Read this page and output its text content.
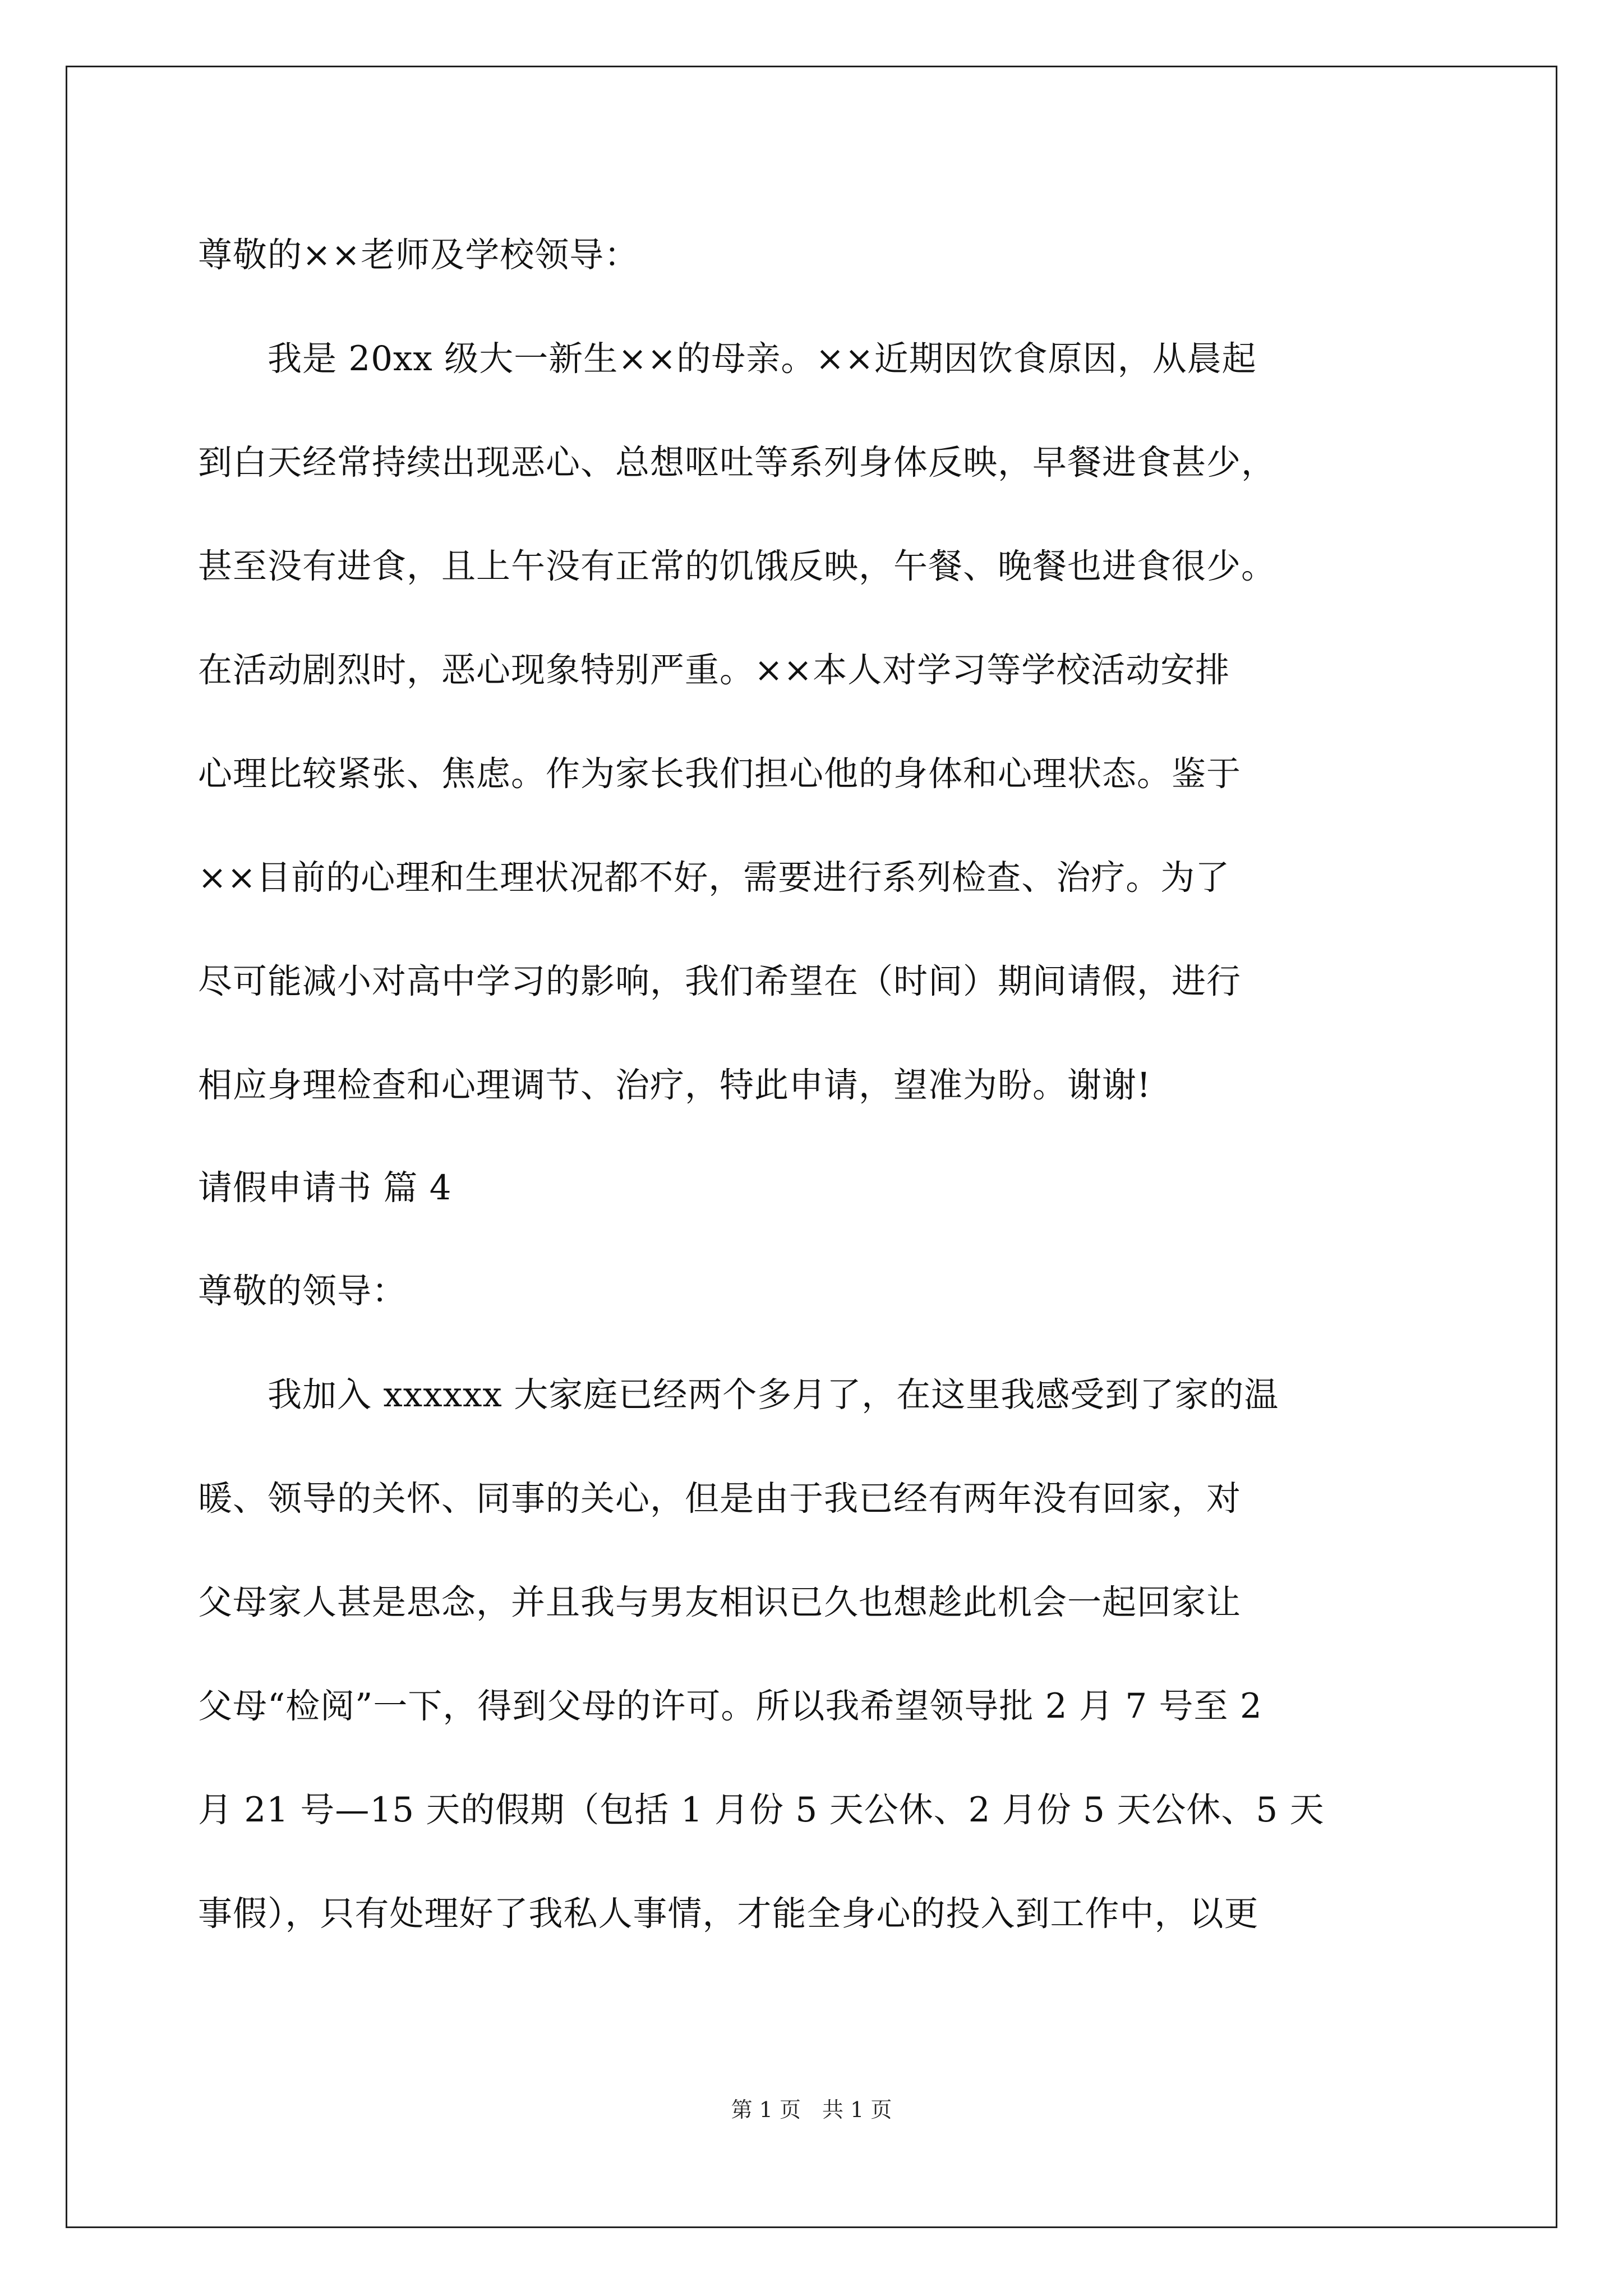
尊敬的××老师及学校领导：
　　我是 20xx 级大一新生××的母亲。××近期因饮食原因，从晨起
到白天经常持续出现恶心、总想呕吐等系列身体反映，早餐进食甚少，
甚至没有进食，且上午没有正常的饥饿反映，午餐、晚餐也进食很少。
在活动剧烈时，恶心现象特别严重。××本人对学习等学校活动安排
心理比较紧张、焦虑。作为家长我们担心他的身体和心理状态。鉴于
××目前的心理和生理状况都不好，需要进行系列检查、治疗。为了
尽可能减小对高中学习的影响，我们希望在（时间）期间请假，进行
相应身理检查和心理调节、治疗，特此申请，望准为盼。谢谢!
请假申请书 篇 4
尊敬的领导：
　　我加入 xxxxxx 大家庭已经两个多月了，在这里我感受到了家的温
暖、领导的关怀、同事的关心，但是由于我已经有两年没有回家，对
父母家人甚是思念，并且我与男友相识已久也想趁此机会一起回家让
父母“检阅”一下，得到父母的许可。所以我希望领导批 2 月 7 号至 2
月 21 号—15 天的假期（包括 1 月份 5 天公休、2 月份 5 天公休、5 天
事假），只有处理好了我私人事情，才能全身心的投入到工作中，以更
第 1 页　共 1 页
